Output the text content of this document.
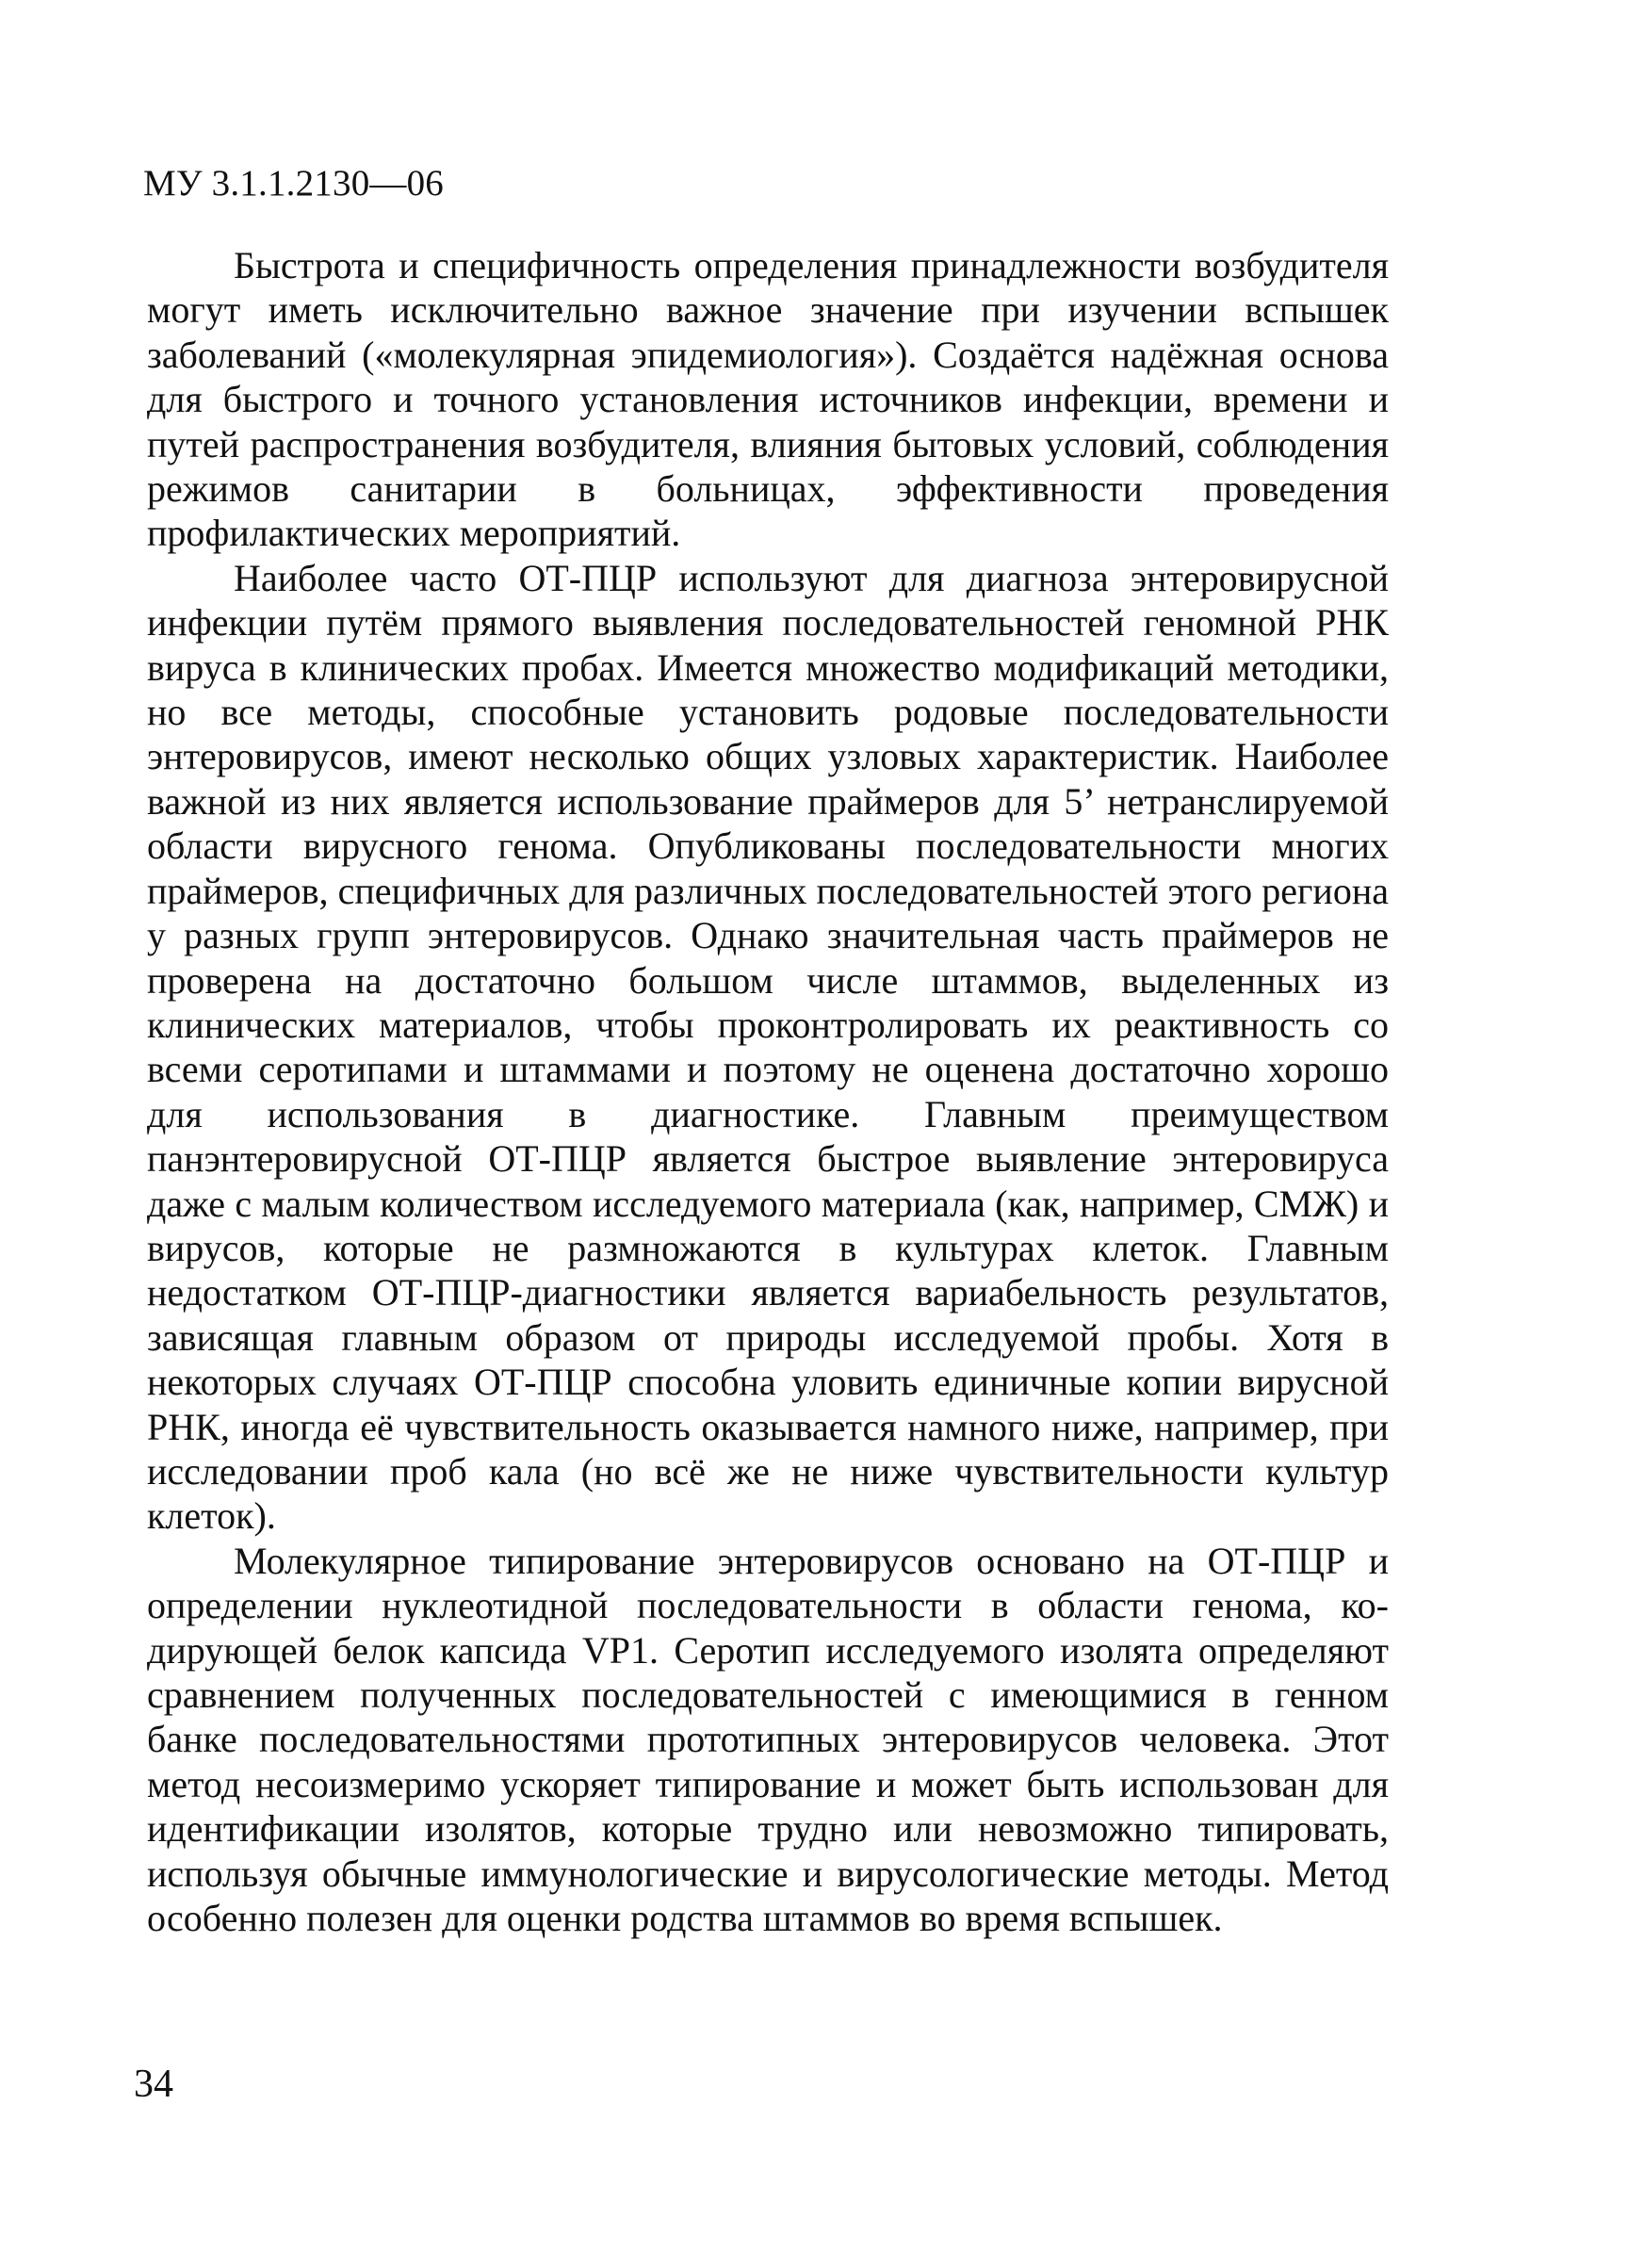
МУ 3.1.1.2130—06

Быстрота и специфичность определения принадлежности возбудителя могут иметь исключительно важное значение при изучении вспышек заболеваний («молекулярная эпидемиология»). Создаётся надёжная основа для быстрого и точного установления источников инфекции, времени и путей распространения возбудителя, влияния бытовых условий, соблюдения режимов санитарии в больницах, эффективности проведения профилактических мероприятий.

Наиболее часто ОТ-ПЦР используют для диагноза энтеровирусной инфекции путём прямого выявления последовательностей геномной РНК вируса в клинических пробах. Имеется множество модификаций методики, но все методы, способные установить родовые последовательности энтеровирусов, имеют несколько общих узловых характеристик. Наиболее важной из них является использование праймеров для 5’ нетранслируемой области вирусного генома. Опубликованы последовательности многих праймеров, специфичных для различных последовательностей этого региона у разных групп энтеровирусов. Однако значительная часть праймеров не проверена на достаточно большом числе штаммов, выделенных из клинических материалов, чтобы проконтролировать их реактивность со всеми серотипами и штаммами и поэтому не оценена достаточно хорошо для использования в диагностике. Главным преимуществом панэнтеровирусной ОТ-ПЦР является быстрое выявление энтеровируса даже с малым количеством исследуемого материала (как, например, СМЖ) и вирусов, которые не размножаются в культурах клеток. Главным недостатком ОТ-ПЦР-диагностики является вариабельность результатов, зависящая главным образом от природы исследуемой пробы. Хотя в некоторых случаях ОТ-ПЦР способна уловить единичные копии вирусной РНК, иногда её чувствительность оказывается намного ниже, например, при исследовании проб кала (но всё же не ниже чувствительности культур клеток).

Молекулярное типирование энтеровирусов основано на ОТ-ПЦР и определении нуклеотидной последовательности в области генома, кодирующей белок капсида VP1. Серотип исследуемого изолята определяют сравнением полученных последовательностей с имеющимися в генном банке последовательностями прототипных энтеровирусов человека. Этот метод несоизмеримо ускоряет типирование и может быть использован для идентификации изолятов, которые трудно или невозможно типировать, используя обычные иммунологические и вирусологические методы. Метод особенно полезен для оценки родства штаммов во время вспышек.

34
